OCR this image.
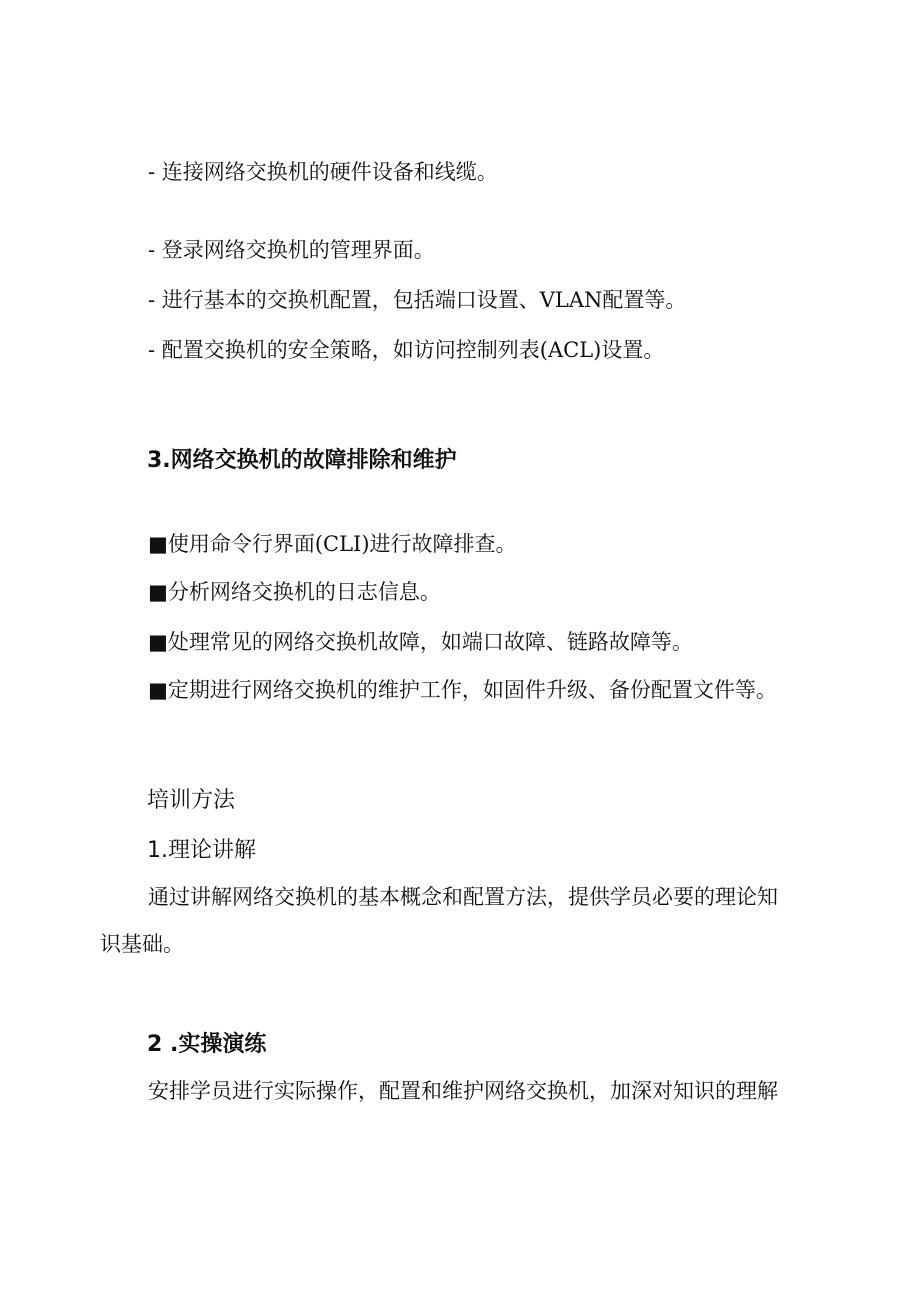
- 连接网络交换机的硬件设备和线缆。
- 登录网络交换机的管理界面。
- 进行基本的交换机配置，包括端口设置、VLAN配置等。
- 配置交换机的安全策略，如访问控制列表(ACL)设置。
3.网络交换机的故障排除和维护
■使用命令行界面(CLI)进行故障排查。
■分析网络交换机的日志信息。
■处理常见的网络交换机故障，如端口故障、链路故障等。
■定期进行网络交换机的维护工作，如固件升级、备份配置文件等。
培训方法
1.理论讲解
通过讲解网络交换机的基本概念和配置方法，提供学员必要的理论知
识基础。
2 .实操演练
安排学员进行实际操作，配置和维护网络交换机，加深对知识的理解
